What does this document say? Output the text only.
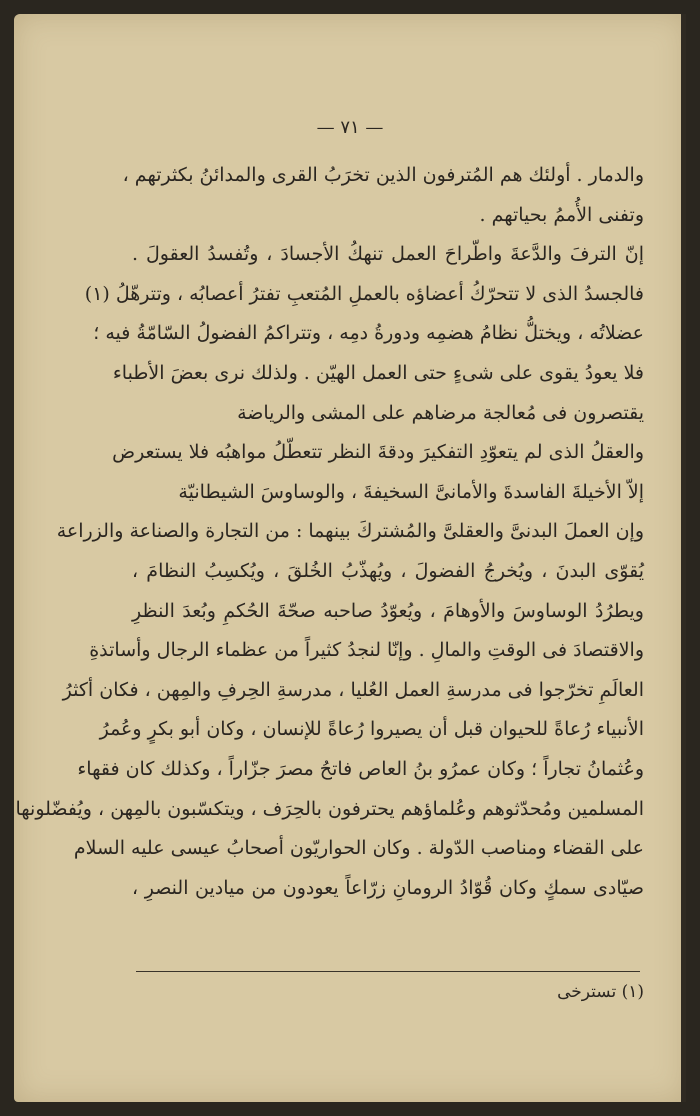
— ٧١ —
والدمار . أولئك هم المُترفون الذين تخرَبُ القرى والمدائنُ بكثرتهم ،
وتفنى الأُممُ بحياتهم .
إنّ الترفَ والدَّعةَ واطّراحَ العمل تنهكُ الأجسادَ ، وتُفسدُ العقولَ .
فالجسدُ الذى لا تتحرّكُ أعضاؤه بالعملِ المُتعبِ تفترُ أعصابُه ، وتترهّلُ (١)
عضلاتُه ، ويختلُّ نظامُ هضمِه ودورةُ دمِه ، وتتراكمُ الفضولُ السّامّةُ فيه ؛
فلا يعودُ يقوى على شىءٍ حتى العمل الهيّن . ولذلك نرى بعضَ الأطباء
يقتصرون فى مُعالجة مرضاهم على المشى والرياضة
والعقلُ الذى لم يتعوّدِ التفكيرَ ودقةَ النظر تتعطّلُ مواهبُه فلا يستعرض
إلاّ الأخيلةَ الفاسدةَ والأمانىَّ السخيفةَ ، والوساوسَ الشيطانيّة
وإن العملَ البدنىَّ والعقلىَّ والمُشتركَ بينهما : من التجارة والصناعة والزراعة
يُقوّى البدنَ ، ويُخرجُ الفضولَ ، ويُهذّبُ الخُلقَ ، ويُكسِبُ النظامَ ،
ويطرُدُ الوساوسَ والأوهامَ ، ويُعوّدُ صاحبه صحّةَ الحُكمِ وبُعدَ النظرِ
والاقتصادَ فى الوقتِ والمالِ . وإنّا لنجدُ كثيراً من عظماء الرجال وأساتذةِ
العالَمِ تخرّجوا فى مدرسةِ العمل العُليا ، مدرسةِ الحِرفِ والمِهن ، فكان أكثرُ
الأنبياء رُعاةً للحيوان قبل أن يصيروا رُعاةً للإنسان ، وكان أبو بكرٍ وعُمرُ
وعُثمانُ تجاراً ؛ وكان عمرُو بنُ العاص فاتحُ مصرَ جزّاراً ، وكذلك كان فقهاء
المسلمين ومُحدّثوهم وعُلماؤهم يحترفون بالحِرَف ، ويتكسّبون بالمِهن ، ويُفضّلونها
على القضاء ومناصب الدّولة . وكان الحواريّون أصحابُ عيسى عليه السلام
صيّادى سمكٍ وكان قُوّادُ الرومانِ زرّاعاً يعودون من ميادين النصرِ ،
(١) تسترخى
